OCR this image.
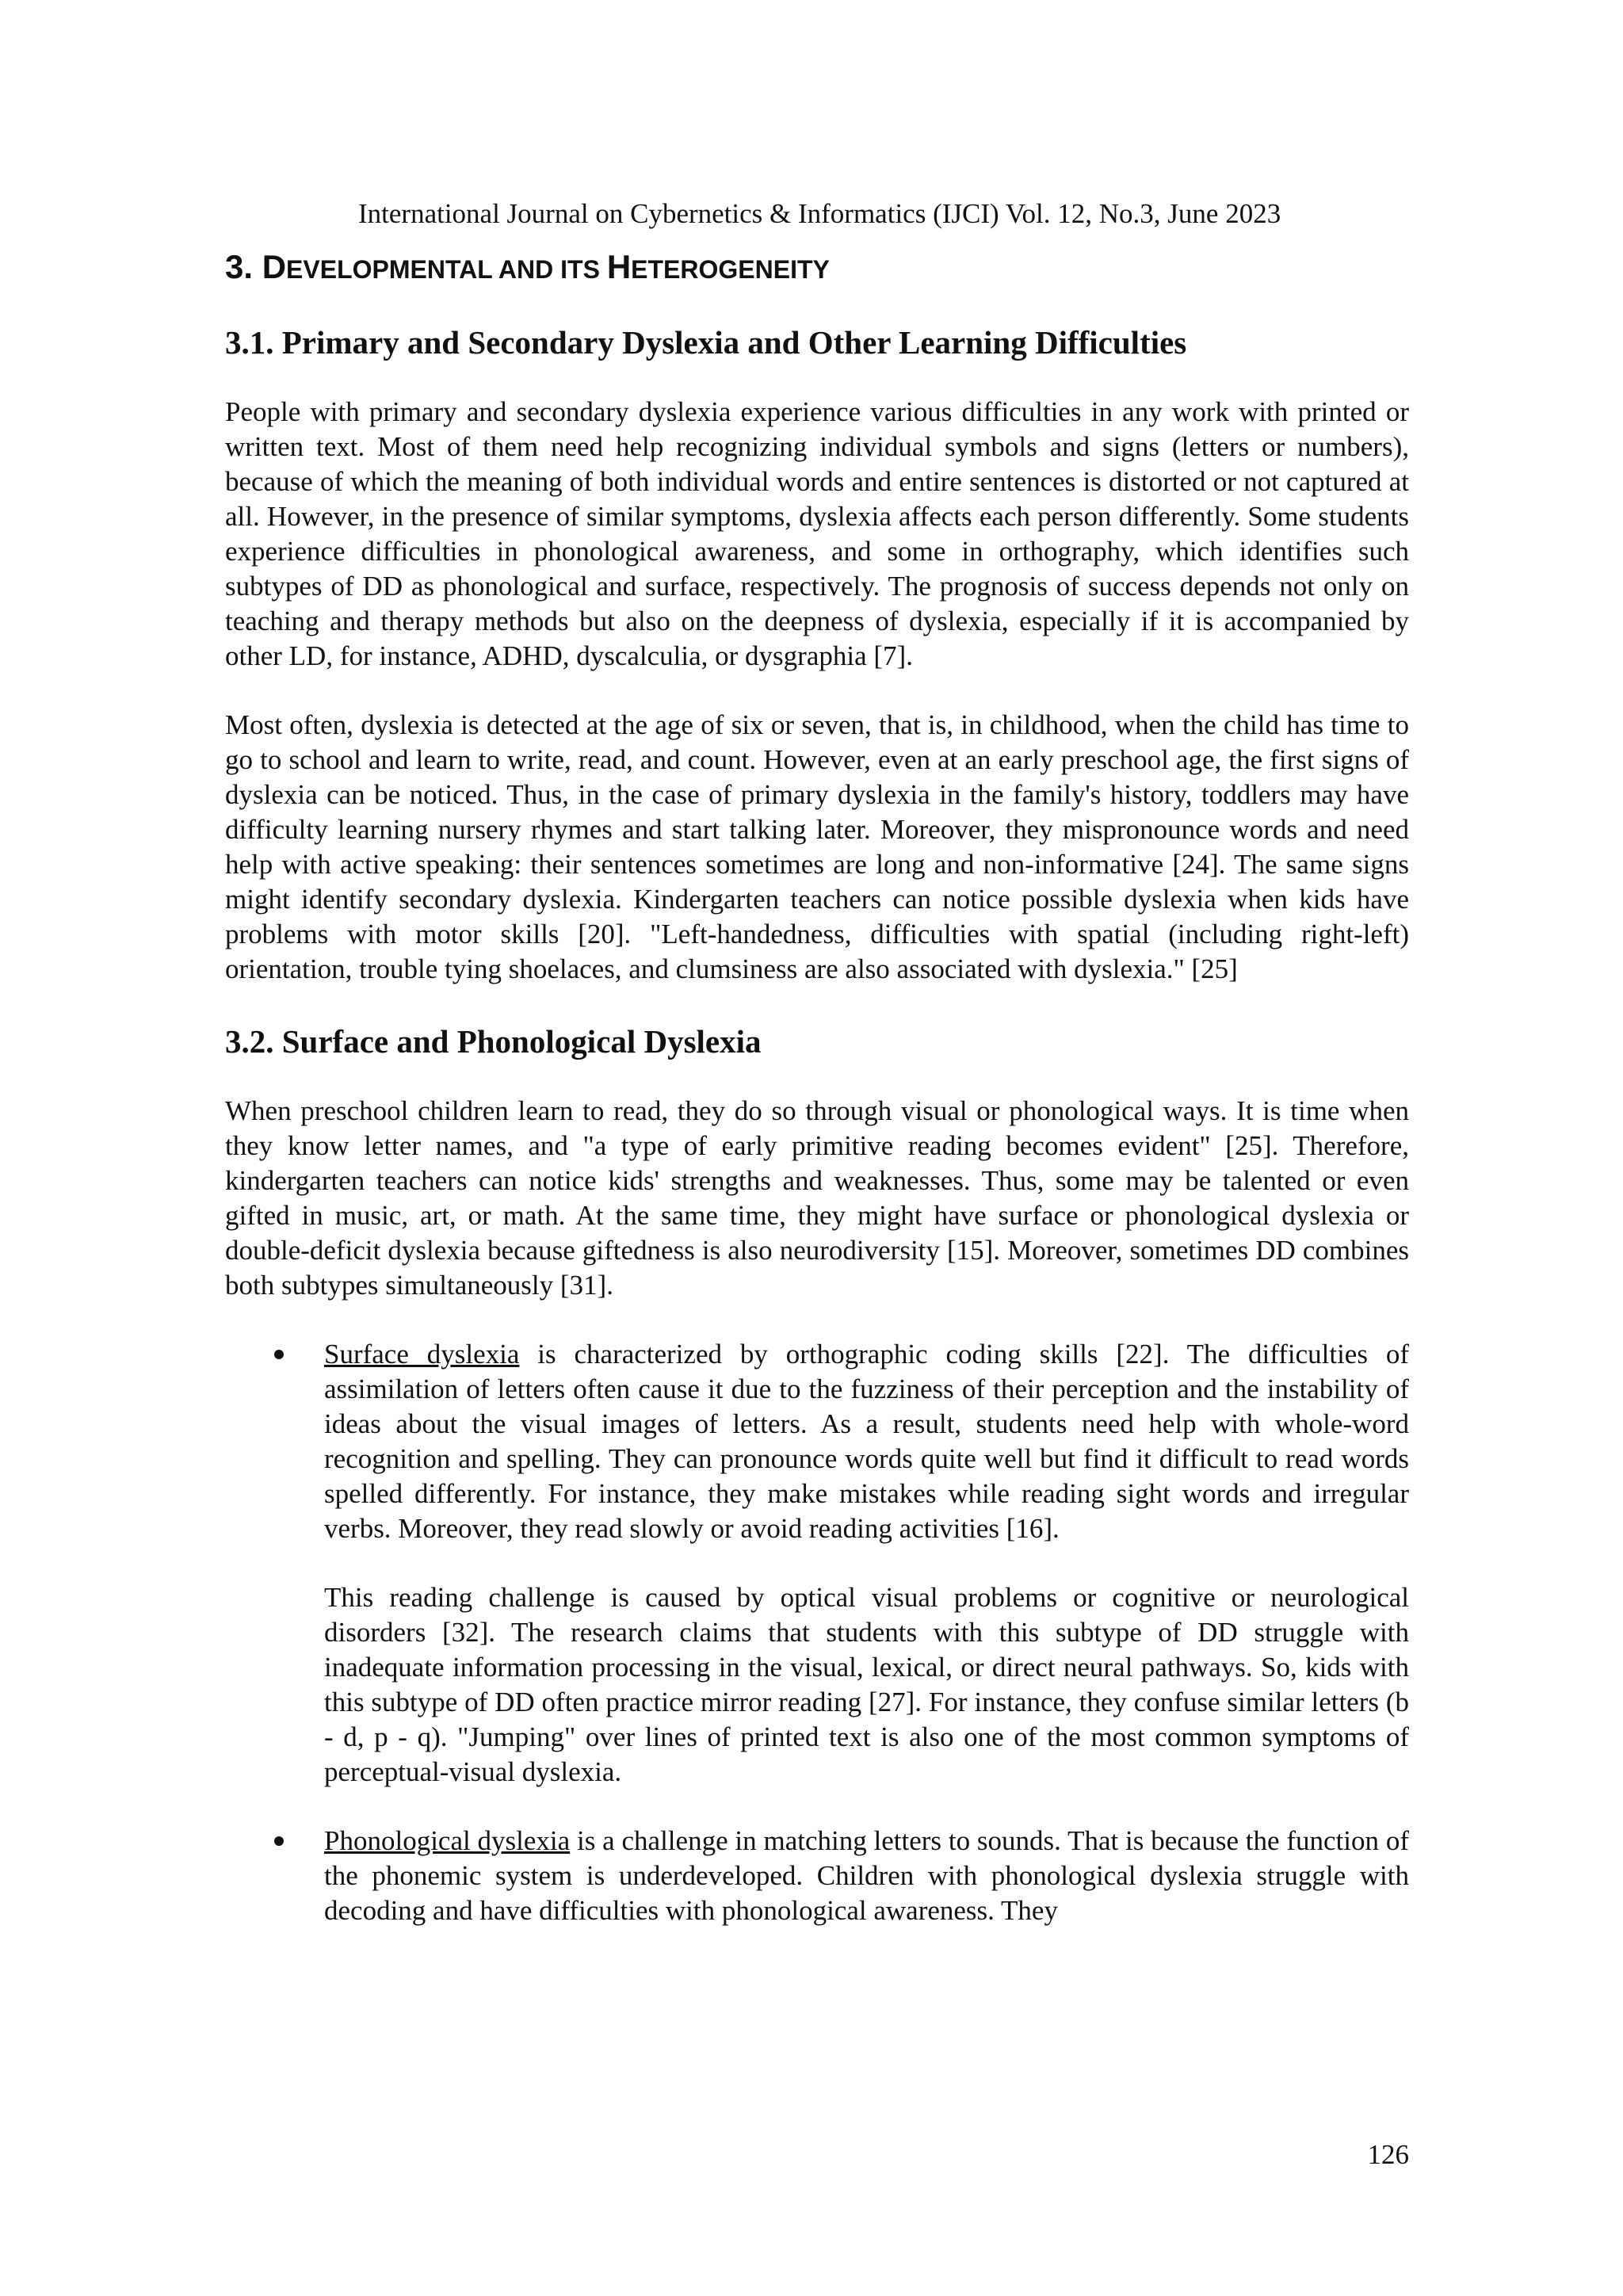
International Journal on Cybernetics & Informatics (IJCI) Vol. 12, No.3, June 2023
3. DEVELOPMENTAL AND ITS HETEROGENEITY
3.1. Primary and Secondary Dyslexia and Other Learning Difficulties

People with primary and secondary dyslexia experience various difficulties in any work with printed or written text. Most of them need help recognizing individual symbols and signs (letters or numbers), because of which the meaning of both individual words and entire sentences is distorted or not captured at all. However, in the presence of similar symptoms, dyslexia affects each person differently. Some students experience difficulties in phonological awareness, and some in orthography, which identifies such subtypes of DD as phonological and surface, respectively. The prognosis of success depends not only on teaching and therapy methods but also on the deepness of dyslexia, especially if it is accompanied by other LD, for instance, ADHD, dyscalculia, or dysgraphia [7].

Most often, dyslexia is detected at the age of six or seven, that is, in childhood, when the child has time to go to school and learn to write, read, and count. However, even at an early preschool age, the first signs of dyslexia can be noticed. Thus, in the case of primary dyslexia in the family's history, toddlers may have difficulty learning nursery rhymes and start talking later. Moreover, they mispronounce words and need help with active speaking: their sentences sometimes are long and non-informative [24]. The same signs might identify secondary dyslexia. Kindergarten teachers can notice possible dyslexia when kids have problems with motor skills [20]. "Left-handedness, difficulties with spatial (including right-left) orientation, trouble tying shoelaces, and clumsiness are also associated with dyslexia." [25]

3.2. Surface and Phonological Dyslexia

When preschool children learn to read, they do so through visual or phonological ways. It is time when they know letter names, and "a type of early primitive reading becomes evident" [25]. Therefore, kindergarten teachers can notice kids' strengths and weaknesses. Thus, some may be talented or even gifted in music, art, or math. At the same time, they might have surface or phonological dyslexia or double-deficit dyslexia because giftedness is also neurodiversity [15]. Moreover, sometimes DD combines both subtypes simultaneously [31].

Surface dyslexia is characterized by orthographic coding skills [22]. The difficulties of assimilation of letters often cause it due to the fuzziness of their perception and the instability of ideas about the visual images of letters. As a result, students need help with whole-word recognition and spelling. They can pronounce words quite well but find it difficult to read words spelled differently. For instance, they make mistakes while reading sight words and irregular verbs. Moreover, they read slowly or avoid reading activities [16].

This reading challenge is caused by optical visual problems or cognitive or neurological disorders [32]. The research claims that students with this subtype of DD struggle with inadequate information processing in the visual, lexical, or direct neural pathways. So, kids with this subtype of DD often practice mirror reading [27]. For instance, they confuse similar letters (b - d, p - q). "Jumping" over lines of printed text is also one of the most common symptoms of perceptual-visual dyslexia.

Phonological dyslexia is a challenge in matching letters to sounds. That is because the function of the phonemic system is underdeveloped. Children with phonological dyslexia struggle with decoding and have difficulties with phonological awareness. They

126
